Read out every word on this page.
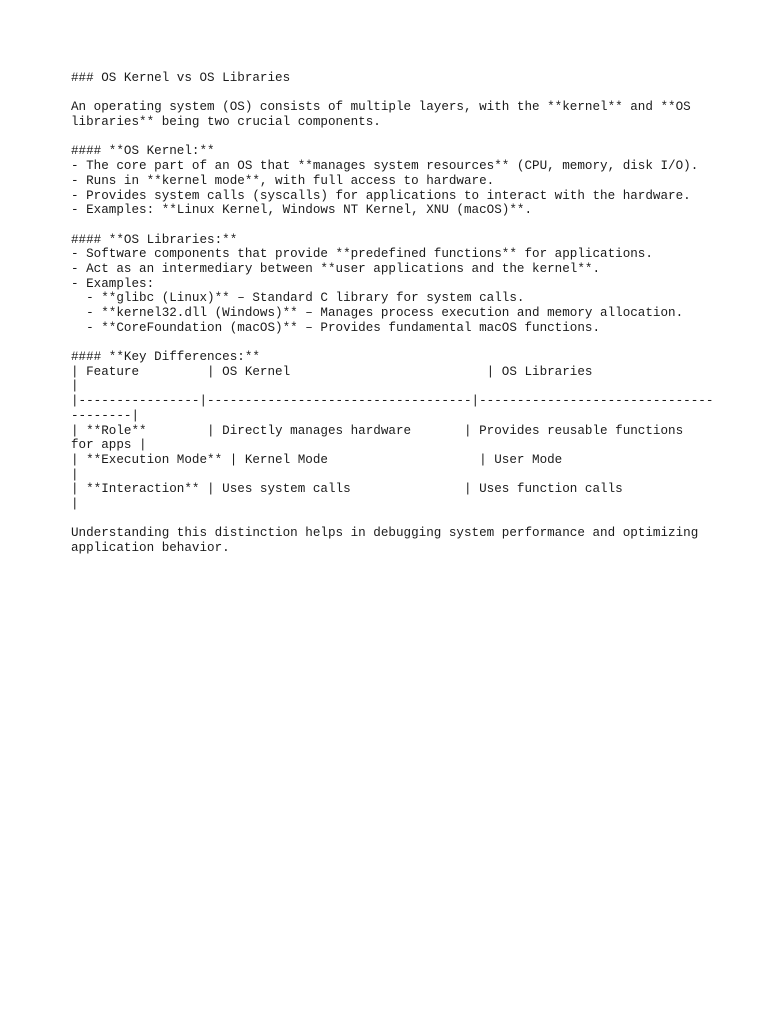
### OS Kernel vs OS Libraries
An operating system (OS) consists of multiple layers, with the **kernel** and **OS
libraries** being two crucial components.
#### **OS Kernel:**
- The core part of an OS that **manages system resources** (CPU, memory, disk I/O).
- Runs in **kernel mode**, with full access to hardware.
- Provides system calls (syscalls) for applications to interact with the hardware.
- Examples: **Linux Kernel, Windows NT Kernel, XNU (macOS)**.
#### **OS Libraries:**
- Software components that provide **predefined functions** for applications.
- Act as an intermediary between **user applications and the kernel**.
- Examples:
- **glibc (Linux)** – Standard C library for system calls.
- **kernel32.dll (Windows)** – Manages process execution and memory allocation.
- **CoreFoundation (macOS)** – Provides fundamental macOS functions.
#### **Key Differences:**
| Feature         | OS Kernel                          | OS Libraries
|
|----------------|-----------------------------------|-------------------------------
--------|
| **Role**        | Directly manages hardware       | Provides reusable functions
for apps |
| **Execution Mode** | Kernel Mode                    | User Mode
|
| **Interaction** | Uses system calls               | Uses function calls
|
Understanding this distinction helps in debugging system performance and optimizing
application behavior.
